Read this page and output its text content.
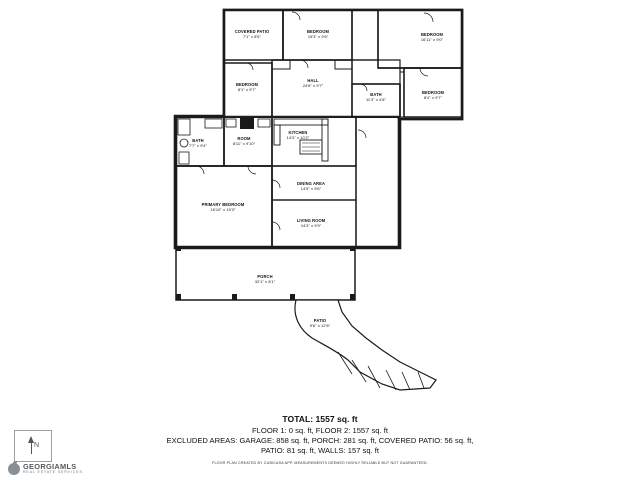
COVERED PATIO
7'1" x 8'5"
BEDROOM
15'3" x 9'6"	BEDROOM
16'11" x 9'0"
BEDROOM
8'1" x 9'7"
HALL
24'6" x 9'7"
BATH
11'3" x 4'8"
BEDROOM
8'4" x 9'7"
BATH
7'7" x 9'4"
ROOM
8'11" x 9'10"
KITCHEN
14'3" x 10'2"
DINING AREA
14'5" x 5'6"
LIVING ROOM
14'3" x 9'9"
PRIMARY BEDROOM
16'10" x 15'3"
PORCH
32'1" x 8'1"
PATIO
9'6" x 12'6"
TOTAL: 1557 sq. ft
FLOOR 1: 0 sq. ft, FLOOR 2: 1557 sq. ft
EXCLUDED AREAS: GARAGE: 858 sq. ft, PORCH: 281 sq. ft, COVERED PATIO: 56 sq. ft,
PATIO: 81 sq. ft, WALLS: 157 sq. ft
FLOOR PLAN CREATED BY CUBICASA APP. MEASUREMENTS DEEMED HIGHLY RELIABLE BUT NOT GUARANTEED.
N
GEORGIAMLS
REAL ESTATE SERVICES
